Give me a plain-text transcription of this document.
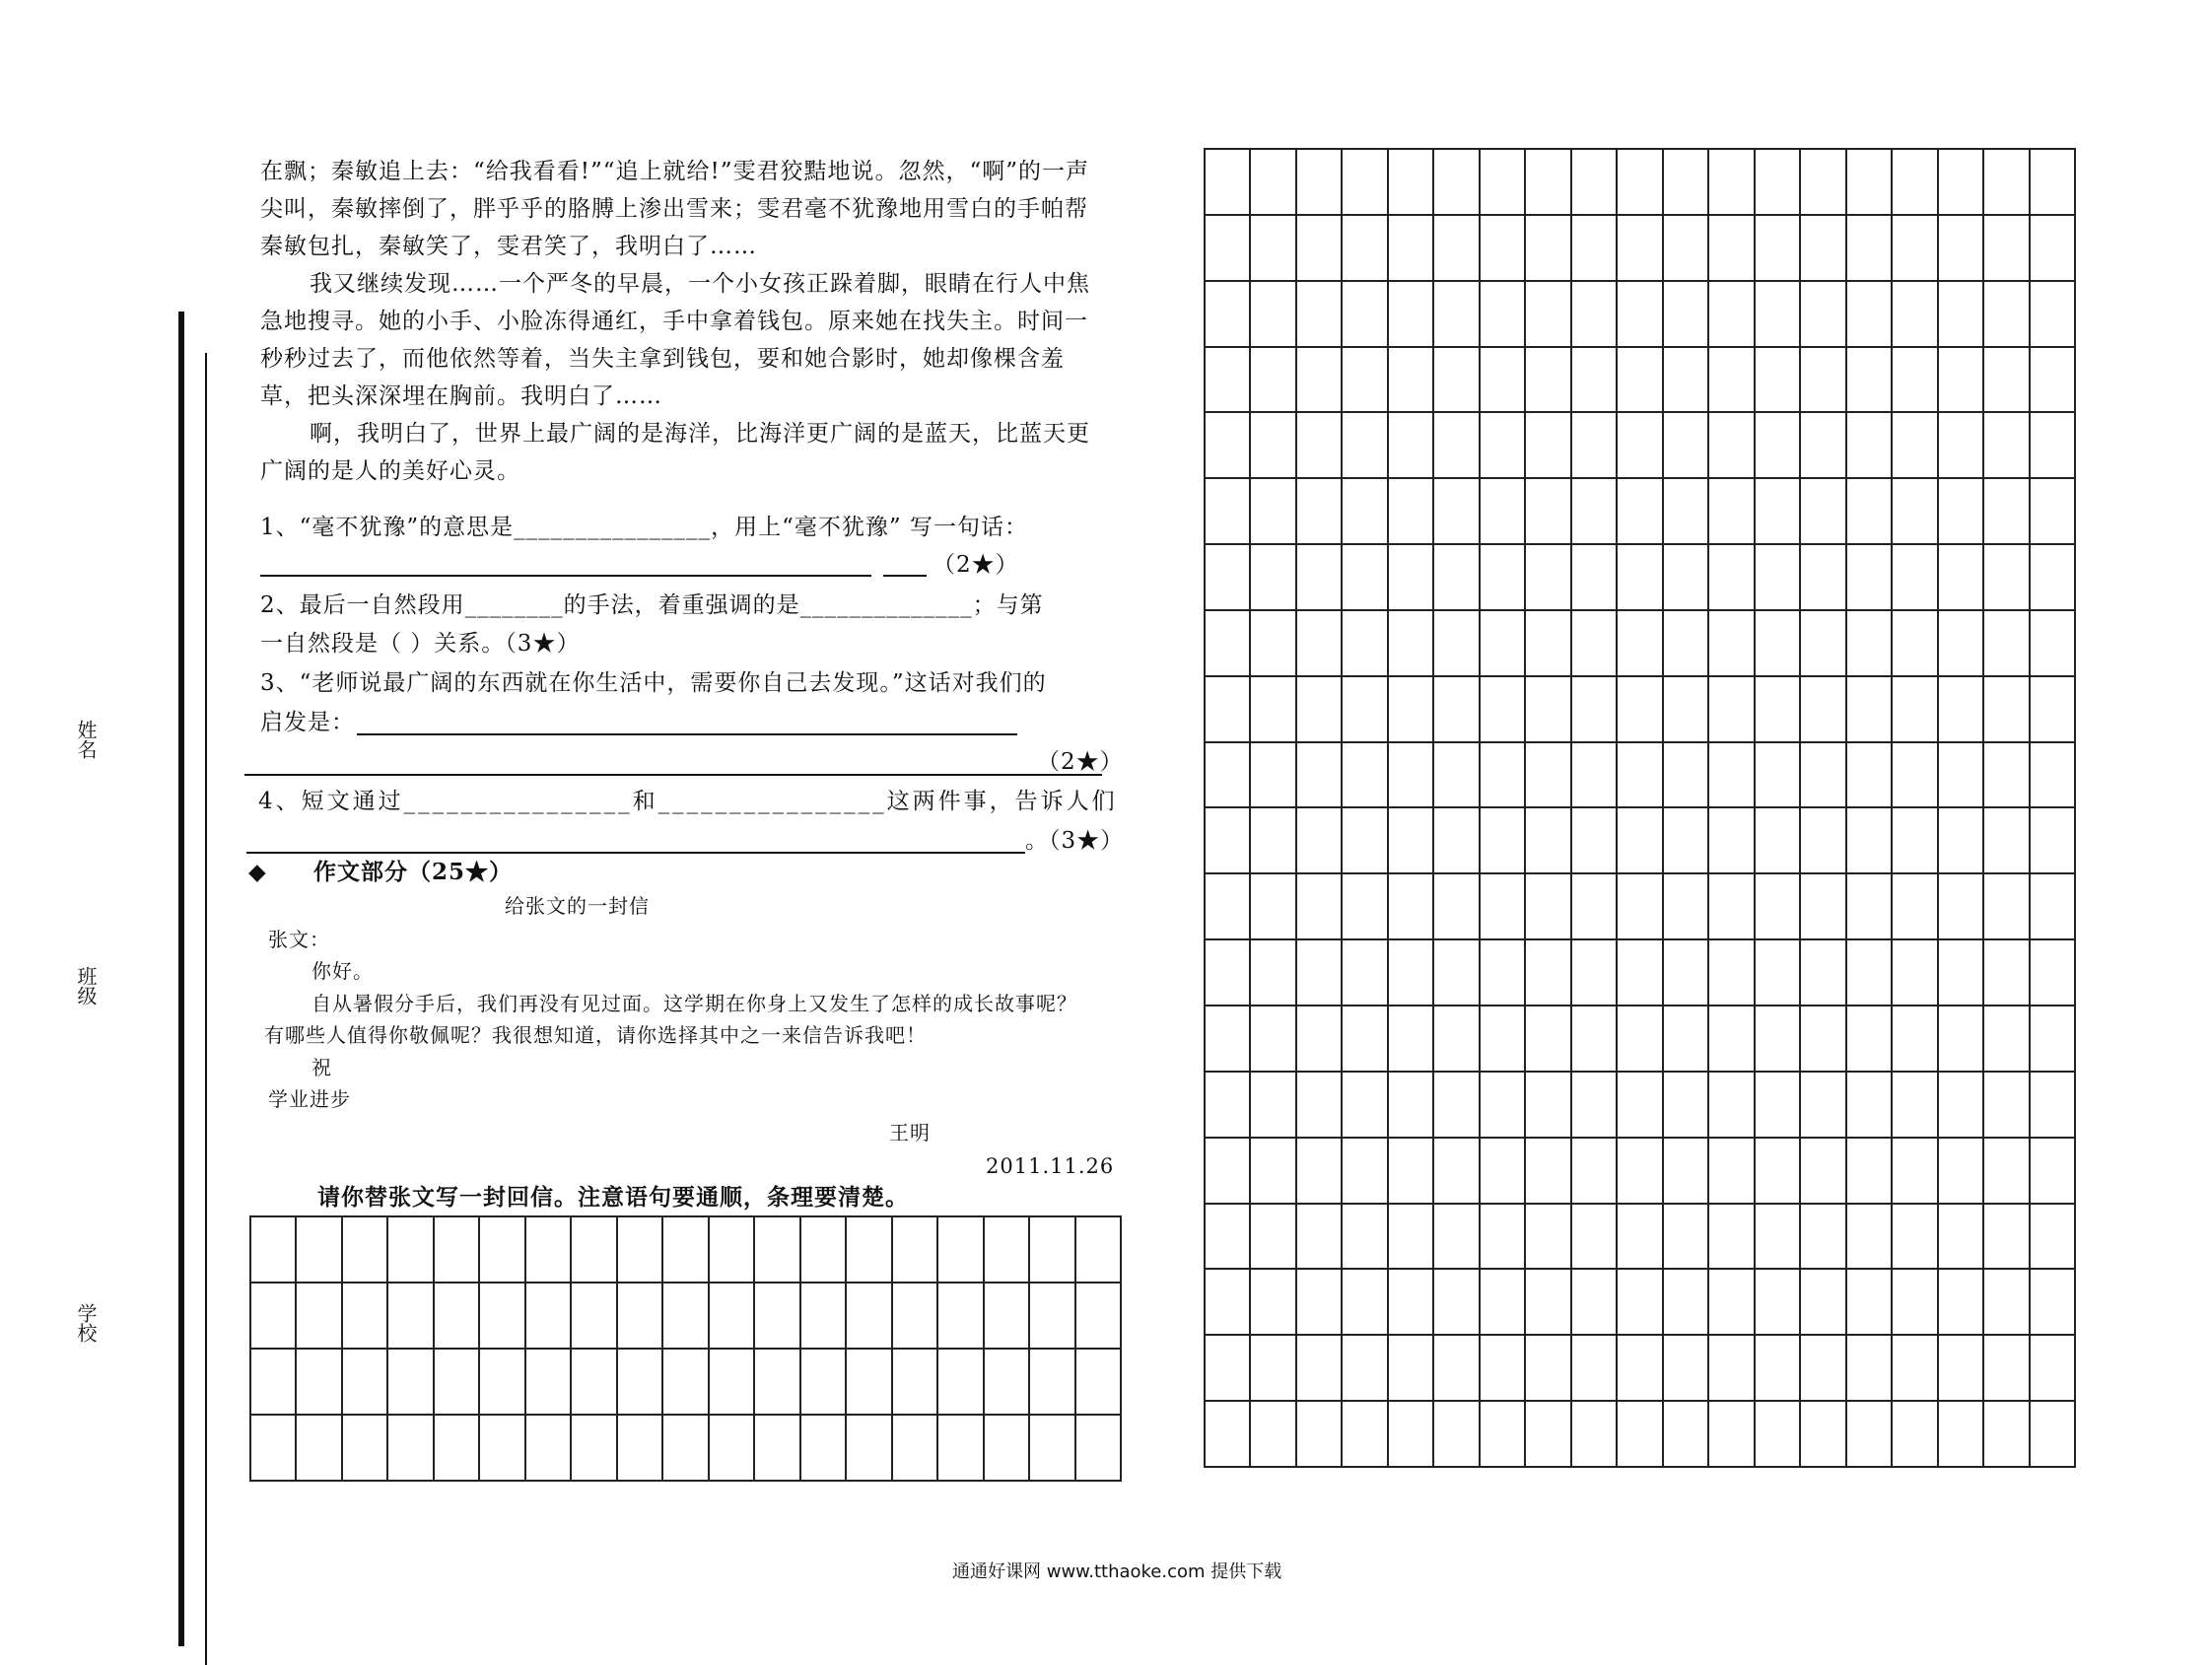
姓名
班级
学校

在飘；秦敏追上去：“给我看看!”“追上就给!”雯君狡黠地说。忽然，“啊”的一声尖叫，秦敏摔倒了，胖乎乎的胳膊上渗出雪来；雯君毫不犹豫地用雪白的手帕帮秦敏包扎，秦敏笑了，雯君笑了，我明白了……

我又继续发现……一个严冬的早晨，一个小女孩正跺着脚，眼睛在行人中焦急地搜寻。她的小手、小脸冻得通红，手中拿着钱包。原来她在找失主。时间一秒秒过去了，而他依然等着，当失主拿到钱包，要和她合影时，她却像棵含羞草，把头深深埋在胸前。我明白了……

啊，我明白了，世界上最广阔的是海洋，比海洋更广阔的是蓝天，比蓝天更广阔的是人的美好心灵。

1、“毫不犹豫”的意思是________________，用上“毫不犹豫” 写一句话：
（2★）
2、最后一自然段用________的手法，着重强调的是______________；与第
一自然段是（ ）关系。（3★）
3、“老师说最广阔的东西就在你生活中，需要你自己去发现。”这话对我们的
启发是：
（2★）
4、短文通过________________和________________这两件事，告诉人们
。（3★）
◆ 作文部分（25★）
给张文的一封信
张文：
你好。
自从暑假分手后，我们再没有见过面。这学期在你身上又发生了怎样的成长故事呢？
有哪些人值得你敬佩呢？我很想知道，请你选择其中之一来信告诉我吧！
祝
学业进步
王明
2011.11.26
请你替张文写一封回信。注意语句要通顺，条理要清楚。
通通好课网 www.tthaoke.com 提供下载
